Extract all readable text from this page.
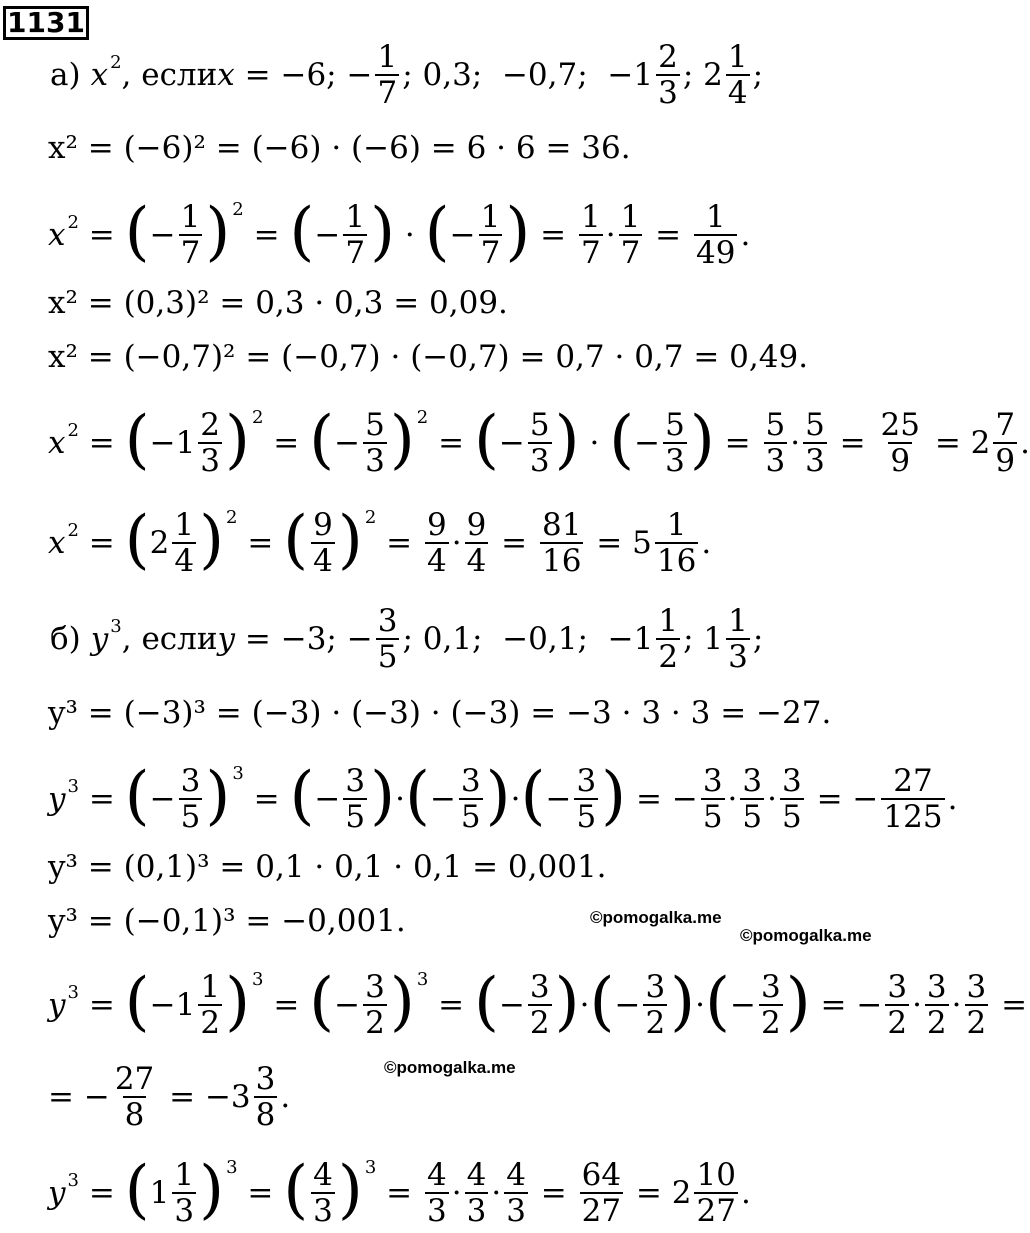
1131
а) x 2 , если x
= −6;
− $\frac{1}{7}$ ; 0,3;  −0,7;  $-1 \frac{2}{3}$ ; $2 \frac{1}{4}$ ;
x² = (−6)² = (−6) · (−6) = 6 · 6 = 36.
x 2 = ( − $\frac{1}{7}$ ) 2
= ( − $\frac{1}{7}$ ) · ( − $\frac{1}{7}$ ) = $\frac{1}{7} \cdot \frac{1}{7} = \frac{1}{49}$ .
x² = (0,3)² = 0,3 · 0,3 = 0,09.
x² = (−0,7)² = (−0,7) · (−0,7) = 0,7 · 0,7 = 0,49.
x 2 = ( $-1 \frac{2}{3}$ ) 2
= ( − $\frac{5}{3}$ ) 2
= ( − $\frac{5}{3}$ ) · ( − $\frac{5}{3}$ ) = $\frac{5}{3} \cdot \frac{5}{3} = \frac{25}{9} = 2 \frac{7}{9}$ .
x 2 = ( $2 \frac{1}{4}$ ) 2
= ( $\frac{9}{4}$ ) 2
= $\frac{9}{4} \cdot \frac{9}{4} = \frac{81}{16} = 5 \frac{1}{16}$ .
б) y 3 , если y
= −3;
− $\frac{3}{5}$ ; 0,1;  −0,1;  $-1 \frac{1}{2}$ ; $1 \frac{1}{3}$ ;
y³ = (−3)³ = (−3) · (−3) · (−3) = −3 · 3 · 3 = −27.
y 3 = ( − $\frac{3}{5}$ ) 3
= ( − $\frac{3}{5}$ ) · ( − $\frac{3}{5}$ ) · ( − $\frac{3}{5}$ ) = − $\frac{3}{5} \cdot \frac{3}{5} \cdot \frac{3}{5}$ = − $\frac{27}{125}$ .
y³ = (0,1)³ = 0,1 · 0,1 · 0,1 = 0,001.
y³ = (−0,1)³ = −0,001.
y 3 = ( $-1 \frac{1}{2}$ ) 3
= ( − $\frac{3}{2}$ ) 3
= ( − $\frac{3}{2}$ ) · ( − $\frac{3}{2}$ ) · ( − $\frac{3}{2}$ ) = − $\frac{3}{2} \cdot \frac{3}{2} \cdot \frac{3}{2}$ =
= − $\frac{27}{8} = -3 \frac{3}{8}$ .
y 3 = ( $1 \frac{1}{3}$ ) 3
= ( $\frac{4}{3}$ ) 3
= $\frac{4}{3} \cdot \frac{4}{3} \cdot \frac{4}{3} = \frac{64}{27} = 2 \frac{10}{27}$ .
©pomogalka.me
©pomogalka.me
©pomogalka.me
